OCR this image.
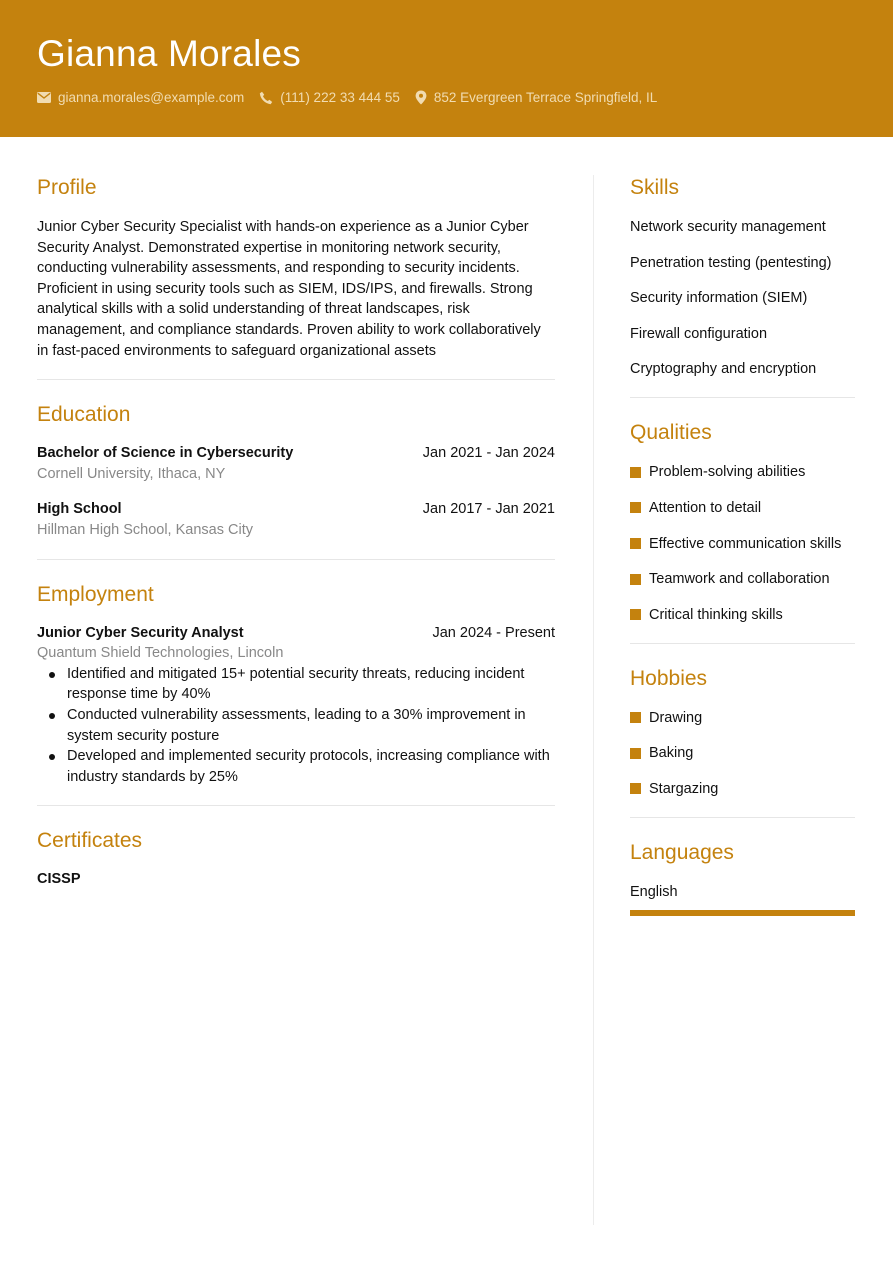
Gianna Morales
gianna.morales@example.com	(111) 222 33 444 55	852 Evergreen Terrace Springfield, IL
Profile

Junior Cyber Security Specialist with hands-on experience as a Junior Cyber Security Analyst. Demonstrated expertise in monitoring network security, conducting vulnerability assessments, and responding to security incidents. Proficient in using security tools such as SIEM, IDS/IPS, and firewalls. Strong analytical skills with a solid understanding of threat landscapes, risk management, and compliance standards. Proven ability to work collaboratively in fast-paced environments to safeguard organizational assets

Education
Bachelor of Science in Cybersecurity	Jan 2021 - Jan 2024
Cornell University, Ithaca, NY
High School	Jan 2017 - Jan 2021
Hillman High School, Kansas City
Employment
Junior Cyber Security Analyst	Jan 2024 - Present
Quantum Shield Technologies, Lincoln
Identified and mitigated 15+ potential security threats, reducing incident response time by 40%
Conducted vulnerability assessments, leading to a 30% improvement in system security posture
Developed and implemented security protocols, increasing compliance with industry standards by 25%
Certificates
CISSP
Skills
Network security management
Penetration testing (pentesting)
Security information (SIEM)
Firewall configuration
Cryptography and encryption
Qualities
Problem-solving abilities
Attention to detail
Effective communication skills
Teamwork and collaboration
Critical thinking skills
Hobbies
Drawing
Baking
Stargazing
Languages
English
